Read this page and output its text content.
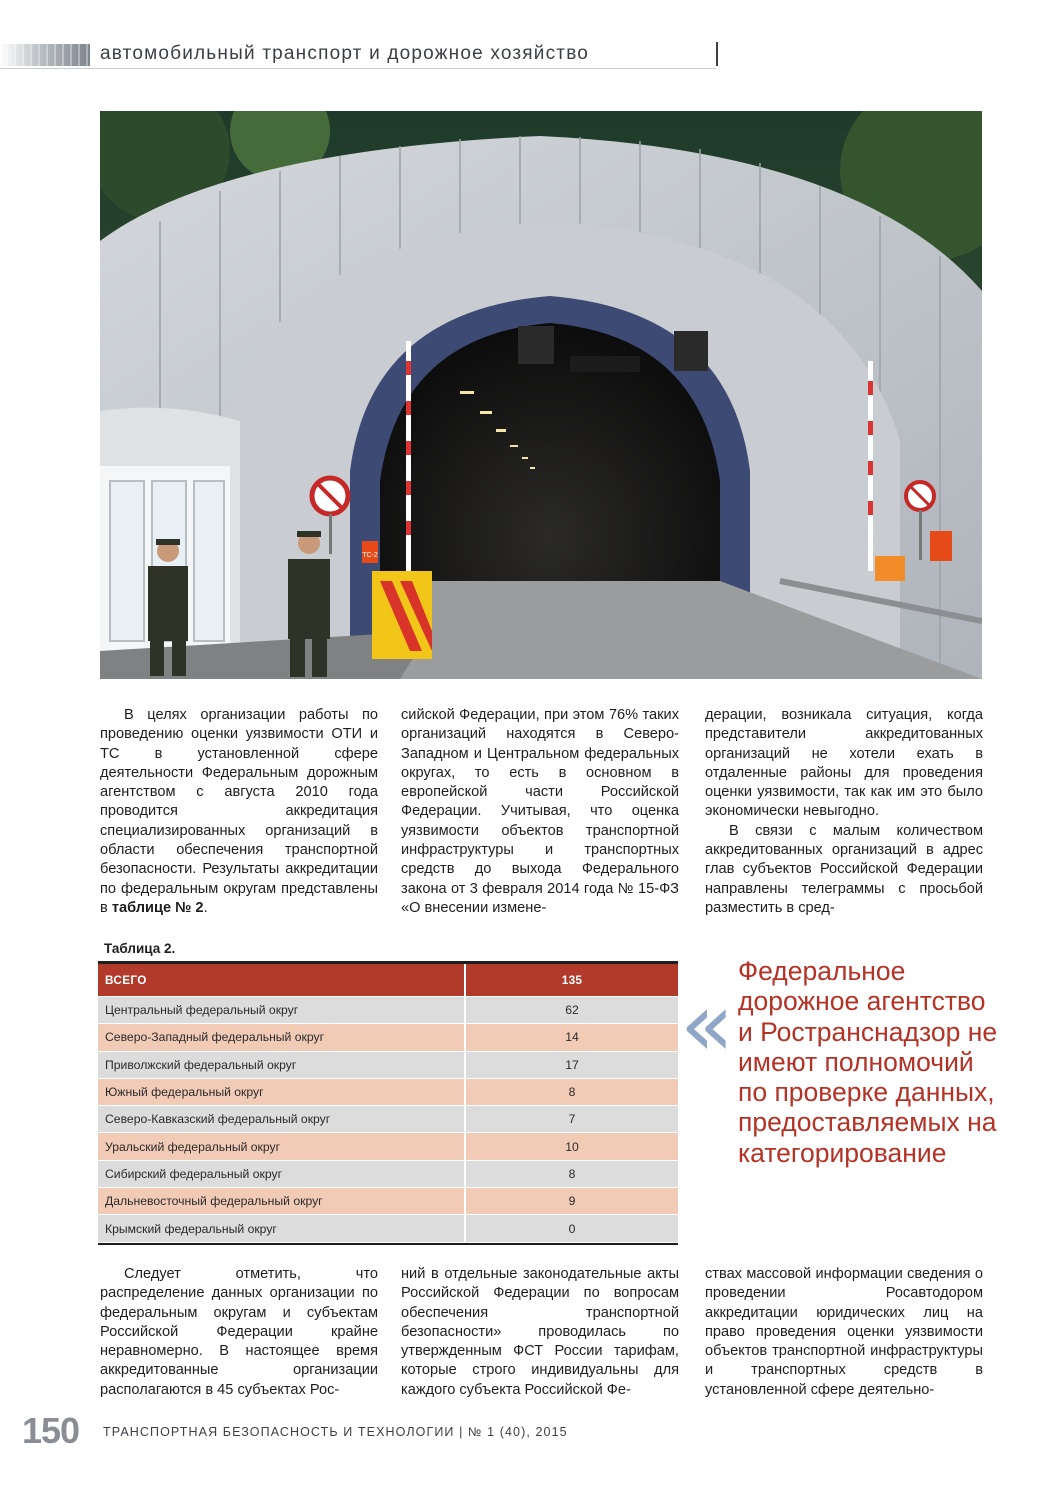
автомобильный транспорт и дорожное хозяйство
ТС-2

В целях организации работы по проведению оценки уязвимости ОТИ и ТС в установленной сфере деятельности Федеральным дорожным агентством с августа 2010 года проводится аккредитация специализированных организаций в области обеспечения транспортной безопасности. Результаты аккредитации по федеральным округам представлены в таблице № 2.

сийской Федерации, при этом 76% таких организаций находятся в Северо-Западном и Центральном федеральных округах, то есть в основном в европейской части Российской Федерации. Учитывая, что оценка уязвимости объектов транспортной инфраструктуры и транспортных средств до выхода Федерального закона от 3 февраля 2014 года № 15-ФЗ «О внесении измене-

дерации, возникала ситуация, когда представители аккредитованных организаций не хотели ехать в отдаленные районы для проведения оценки уязвимости, так как им это было экономически невыгодно.

В связи с малым количеством аккредитованных организаций в адрес глав субъектов Российской Федерации направлены телеграммы с просьбой разместить в сред-

Таблица 2.
ВСЕГО	135
Центральный федеральный округ	62
Северо-Западный федеральный округ	14
Приволжский федеральный округ	17
Южный федеральный округ	8
Северо-Кавказский федеральный округ	7
Уральский федеральный округ	10
Сибирский федеральный округ	8
Дальневосточный федеральный округ	9
Крымский федеральный округ	0
«
Федеральное дорожное агентство и Ространснадзор не имеют полномочий по проверке данных, предоставляемых на категорирование

Следует отметить, что распределение данных организации по федеральным округам и субъектам Российской Федерации крайне неравномерно. В настоящее время аккредитованные организации располагаются в 45 субъектах Рос-

ний в отдельные законодательные акты Российской Федерации по вопросам обеспечения транспортной безопасности» проводилась по утвержденным ФСТ России тарифам, которые строго индивидуальны для каждого субъекта Российской Фе-

ствах массовой информации сведения о проведении Росавтодором аккредитации юридических лиц на право проведения оценки уязвимости объектов транспортной инфраструктуры и транспортных средств в установленной сфере деятельно-

150 ТРАНСПОРТНАЯ БЕЗОПАСНОСТЬ И ТЕХНОЛОГИИ | № 1 (40), 2015
